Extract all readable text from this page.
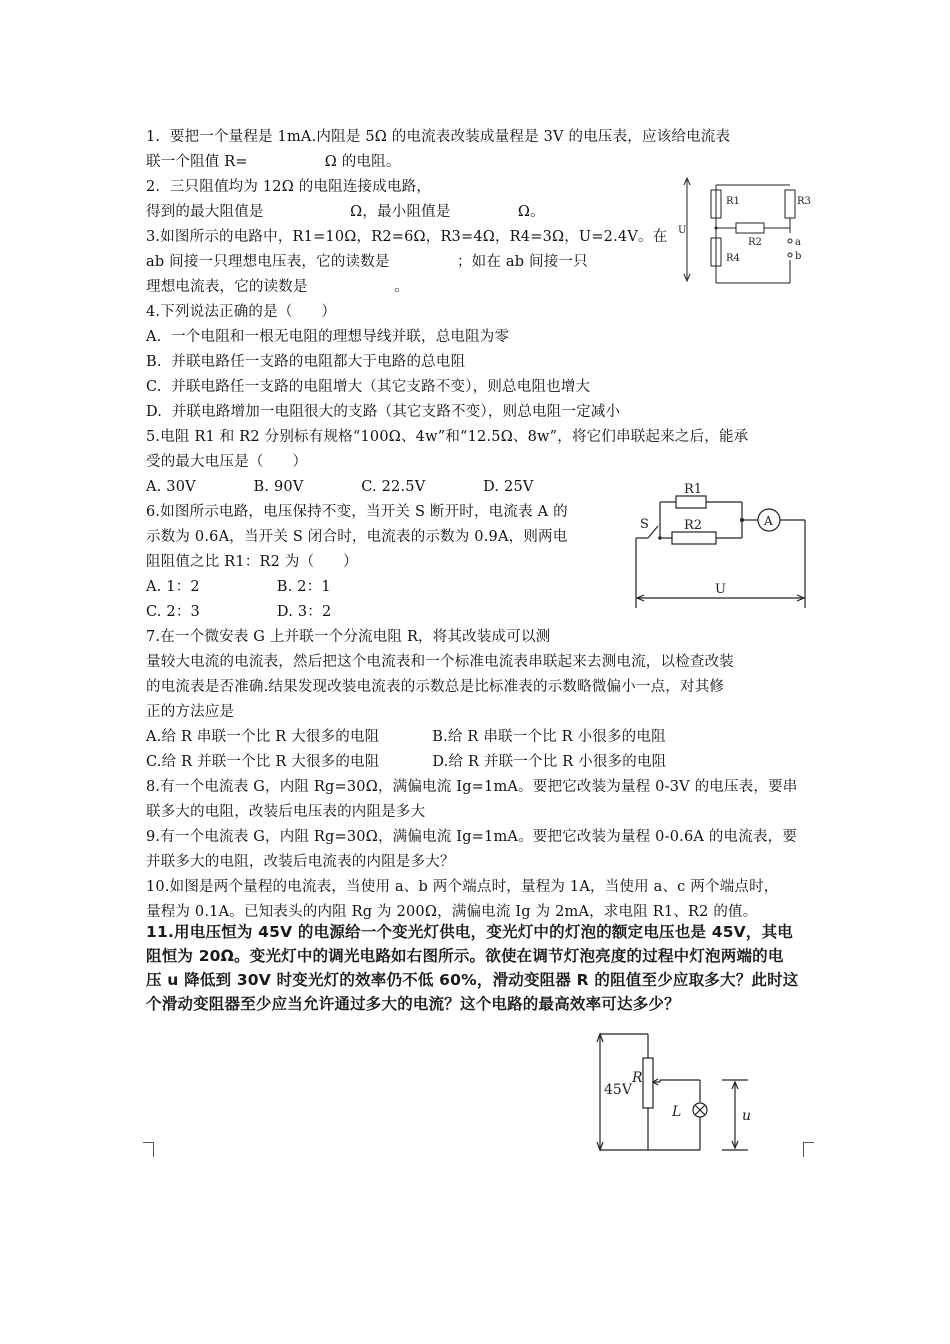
1.  要把一个量程是 1mA.内阻是 5Ω 的电流表改装成量程是 3V 的电压表，应该给电流表
联一个阻值 R=                Ω 的电阻。
2.  三只阻值均为 12Ω 的电阻连接成电路，
得到的最大阻值是                  Ω，最小阻值是              Ω。
3.如图所示的电路中，R1=10Ω，R2=6Ω，R3=4Ω，R4=3Ω，U=2.4V。在
ab 间接一只理想电压表，它的读数是              ；如在 ab 间接一只
理想电流表，它的读数是                  。
4.下列说法正确的是（      ）
A.  一个电阻和一根无电阻的理想导线并联，总电阻为零
B.  并联电路任一支路的电阻都大于电路的总电阻
C.  并联电路任一支路的电阻增大（其它支路不变），则总电阻也增大
D.  并联电路增加一电阻很大的支路（其它支路不变），则总电阻一定减小
5.电阻 R1 和 R2 分别标有规格“100Ω、4w”和“12.5Ω、8w”，将它们串联起来之后，能承
受的最大电压是（      ）
A. 30V            B. 90V            C. 22.5V            D. 25V
6.如图所示电路，电压保持不变，当开关 S 断开时，电流表 A 的
示数为 0.6A，当开关 S 闭合时，电流表的示数为 0.9A，则两电
阻阻值之比 R1：R2 为（      ）
A. 1：2                B. 2：1
C. 2：3                D. 3：2
7.在一个微安表 G 上并联一个分流电阻 R，将其改装成可以测
量较大电流的电流表，然后把这个电流表和一个标准电流表串联起来去测电流，以检查改装
的电流表是否准确.结果发现改装电流表的示数总是比标准表的示数略微偏小一点，对其修
正的方法应是
A.给 R 串联一个比 R 大很多的电阻           B.给 R 串联一个比 R 小很多的电阻
C.给 R 并联一个比 R 大很多的电阻           D.给 R 并联一个比 R 小很多的电阻
8.有一个电流表 G，内阻 Rg=30Ω，满偏电流 Ig=1mA。要把它改装为量程 0-3V 的电压表，要串
联多大的电阻，改装后电压表的内阻是多大
9.有一个电流表 G，内阻 Rg=30Ω，满偏电流 Ig=1mA。要把它改装为量程 0-0.6A 的电流表，要
并联多大的电阻，改装后电流表的内阻是多大？
10.如图是两个量程的电流表，当使用 a、b 两个端点时，量程为 1A，当使用 a、c 两个端点时，
量程为 0.1A。已知表头的内阻 Rg 为 200Ω，满偏电流 Ig 为 2mA，求电阻 R1、R2 的值。
11.用电压恒为 45V 的电源给一个变光灯供电，变光灯中的灯泡的额定电压也是 45V，其电
阻恒为 20Ω。变光灯中的调光电路如右图所示。欲使在调节灯泡亮度的过程中灯泡两端的电
压 u 降低到 30V 时变光灯的效率仍不低 60%，滑动变阻器 R 的阻值至少应取多大？此时这
个滑动变阻器至少应当允许通过多大的电流？这个电路的最高效率可达多少？
R1	R3
R2
R4
U
a
b
R1
R2
S	A
U
45V
R
L	u
